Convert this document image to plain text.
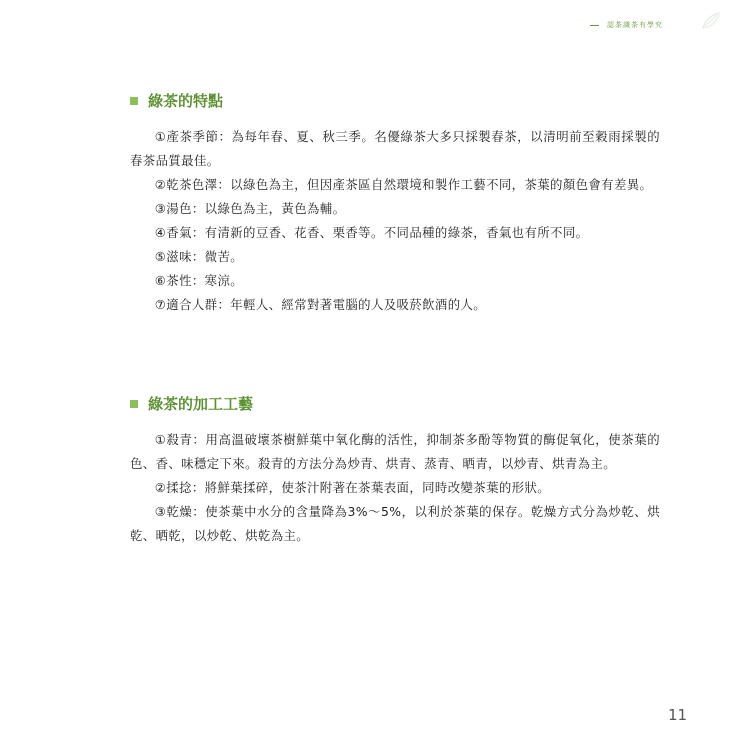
認茶識茶有學究
綠茶的特點

①產茶季節：為每年春、夏、秋三季。名優綠茶大多只採製春茶，以清明前至穀雨採製的春茶品質最佳。

②乾茶色澤：以綠色為主，但因產茶區自然環境和製作工藝不同，茶葉的顏色會有差異。

③湯色：以綠色為主，黃色為輔。

④香氣：有清新的豆香、花香、栗香等。不同品種的綠茶，香氣也有所不同。

⑤滋味：微苦。

⑥茶性：寒涼。

⑦適合人群：年輕人、經常對著電腦的人及吸菸飲酒的人。

綠茶的加工工藝

①殺青：用高溫破壞茶樹鮮葉中氧化酶的活性，抑制茶多酚等物質的酶促氧化，使茶葉的色、香、味穩定下來。殺青的方法分為炒青、烘青、蒸青、晒青，以炒青、烘青為主。

②揉捻：將鮮葉揉碎，使茶汁附著在茶葉表面，同時改變茶葉的形狀。

③乾燥：使茶葉中水分的含量降為3%～5%，以利於茶葉的保存。乾燥方式分為炒乾、烘乾、晒乾，以炒乾、烘乾為主。

11
